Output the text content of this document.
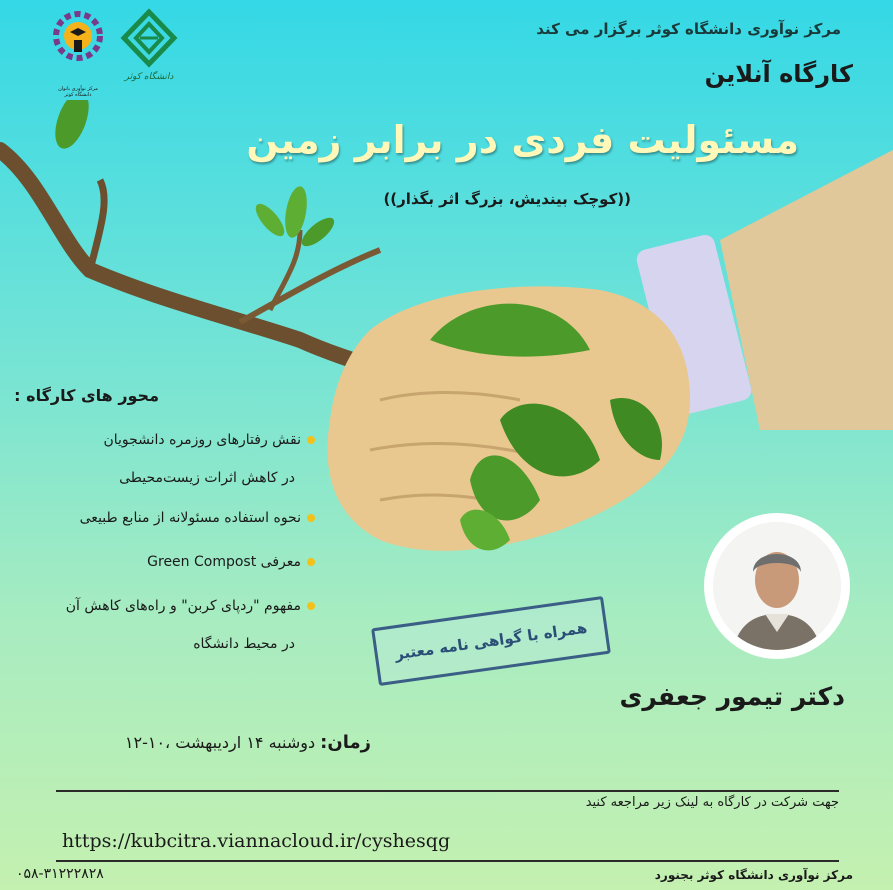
مرکز نوآوری بانوان دانشگاه کوثر
دانشگاه کوثر
مرکز نوآوری دانشگاه کوثر برگزار می کند
کارگاه آنلاین
مسئولیت فردی در برابر زمین
((کوچک بیندیش، بزرگ اثر بگذار))
محور های کارگاه :
نقش رفتارهای روزمره دانشجویان
در کاهش اثرات زیست‌محیطی
نحوه استفاده مسئولانه از منابع طبیعی
معرفی Green Compost
مفهوم "ردپای کربن" و راه‌های کاهش آن
در محیط دانشگاه	همراه با گواهی نامه معتبر
دکتر تیمور جعفری
زمان: دوشنبه ۱۴ اردیبهشت ،۱۰-۱۲
جهت شرکت در کارگاه به لینک زیر مراجعه کنید
https://kubcitra.viannacloud.ir/cyshesqg
مرکز نوآوری دانشگاه کوثر بجنورد
۰۵۸-۳۱۲۲۲۸۲۸
